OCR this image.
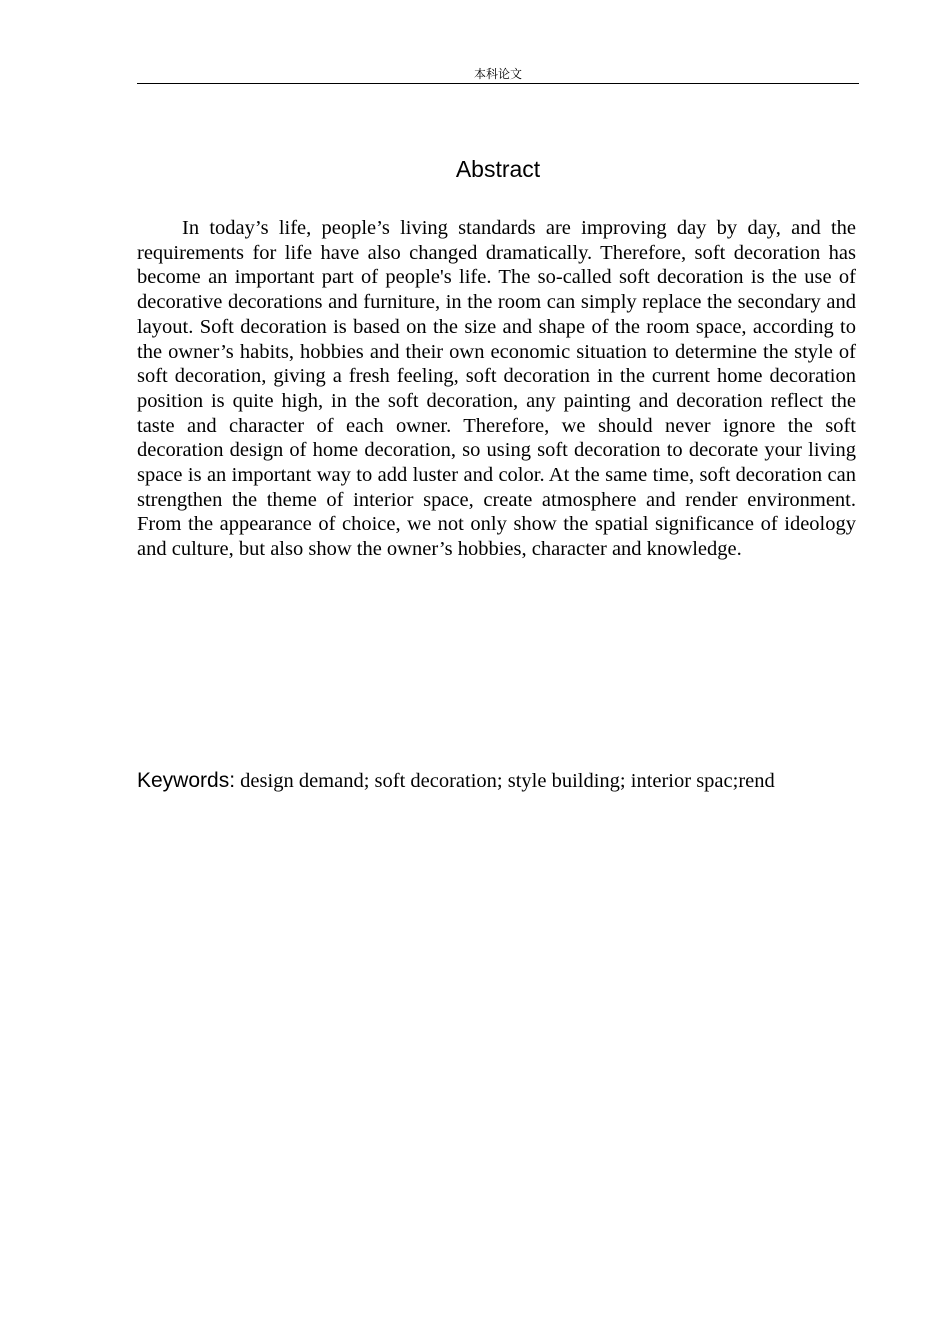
本科论文
Abstract

In today’s life, people’s living standards are improving day by day, and the requirements for life have also changed dramatically. Therefore, soft decoration has become an important part of people's life. The so-called soft decoration is the use of decorative decorations and furniture, in the room can simply replace the secondary and layout. Soft decoration is based on the size and shape of the room space, according to the owner’s habits, hobbies and their own economic situation to determine the style of soft decoration, giving a fresh feeling, soft decoration in the current home decoration position is quite high, in the soft decoration, any painting and decoration reflect the taste and character of each owner. Therefore, we should never ignore the soft decoration design of home decoration, so using soft decoration to decorate your living space is an important way to add luster and color. At the same time, soft decoration can strengthen the theme of interior space, create atmosphere and render environment. From the appearance of choice, we not only show the spatial significance of ideology and culture, but also show the owner’s hobbies, character and knowledge.

Keywords: design demand; soft decoration; style building; interior spac;rend
